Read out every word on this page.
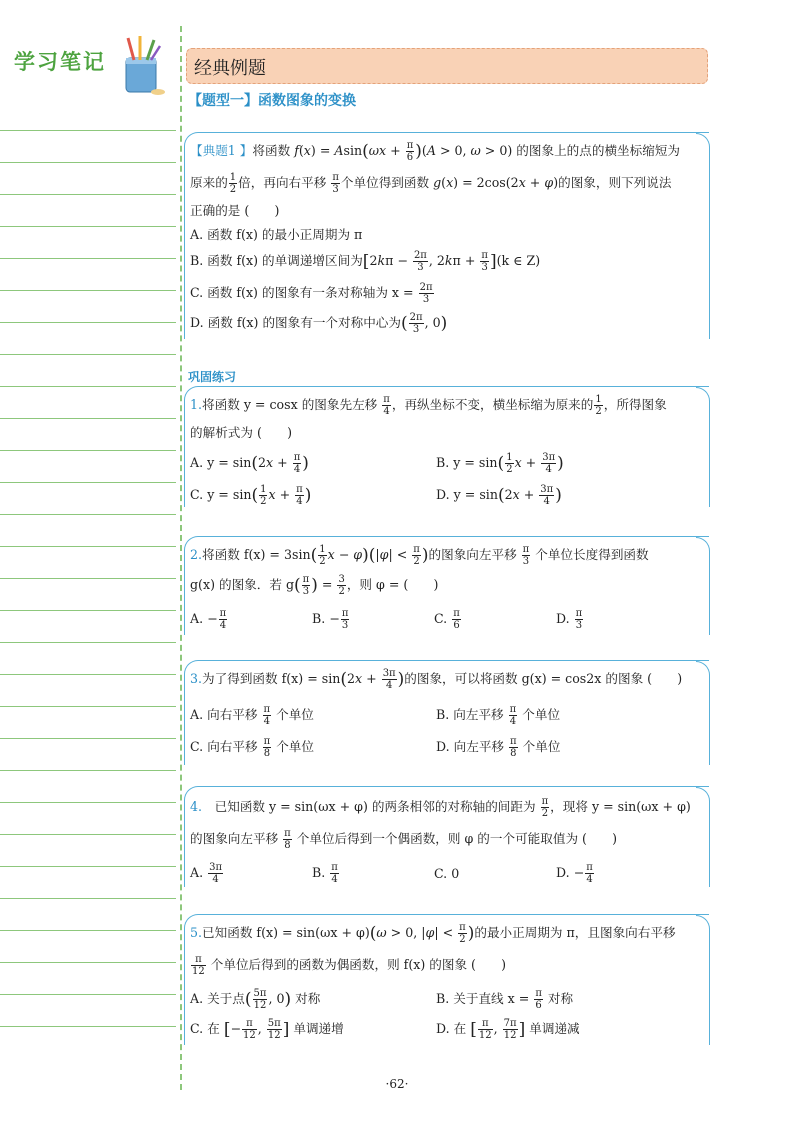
学习笔记	经典例题
【题型一】函数图象的变换
【典题1 】将函数 $f(x) = Asin(\omega x + \frac{\pi}{6} )(A > 0$, ω > 0) 的图象上的点的横坐标缩短为
原来的 $\frac{1}{2}$ 倍，再向右平移 $\frac{\pi}{3}$ 个单位得到函数 g(x) = 2cos(2x + φ)的图象，则下列说法
正确的是 (　　)
A. 函数 f(x) 的最小正周期为 π
B. 函数 f(x) 的单调递增区间为[$2k\pi - \frac{2\pi}{3}$ , $2k\pi + \frac{\pi}{3} ](k$ ∈ Z)
C. 函数 f(x) 的图象有一条对称轴为 $x = \frac{2\pi}{3}$
D. 函数 f(x) 的图象有一个对称中心为( $\frac{2\pi}{3}$ , 0)
巩固练习
1.将函数 y = cosx 的图象先左移 $\frac{\pi}{4}$ ，再纵坐标不变，横坐标缩为原来的 $\frac{1}{2}$ ，所得图象
的解析式为 (　　)
A. $y = \sin(2x + \frac{\pi}{4}$ )	B. $y = \sin( \frac{1}{2}$ $x + \frac{3\pi}{4}$ )
C. $y = \sin( \frac{1}{2}$ $x + \frac{\pi}{4}$ )	D. $y = \sin(2x + \frac{3\pi}{4}$ )
2.将函数 $f(x) = 3\sin( \frac{1}{2}$ $x - \varphi)(|\varphi| < \frac{\pi}{2}$ )的图象向左平移 $\frac{\pi}{3}$ 个单位长度得到函数
g(x) 的图象．若 $g( \frac{\pi}{3}$ ) = $\frac{3}{2}$ ，则 φ = (　　)
A. − $\frac{\pi}{4}$	B. − $\frac{\pi}{3}$	C. $\frac{\pi}{6}$	D. $\frac{\pi}{3}$
3.为了得到函数 $f(x) = \sin(2x + \frac{3\pi}{4}$ )的图象，可以将函数 g(x) = cos2x 的图象 (　　)
A. 向右平移 $\frac{\pi}{4}$ 个单位	B. 向左平移 $\frac{\pi}{4}$ 个单位
C. 向右平移 $\frac{\pi}{8}$ 个单位	D. 向左平移 $\frac{\pi}{8}$ 个单位
4.　 已知函数 y = sin(ωx + φ) 的两条相邻的对称轴的间距为 $\frac{\pi}{2}$ ，现将 y = sin(ωx + φ)
的图象向左平移 $\frac{\pi}{8}$ 个单位后得到一个偶函数，则 φ 的一个可能取值为 (　　)
A. $\frac{3\pi}{4}$	B. $\frac{\pi}{4}$	C. 0	D. − $\frac{\pi}{4}$
5.已知函数 f(x) = sin(ωx + φ)(ω > 0, $|\varphi| < \frac{\pi}{2}$ )的最小正周期为 π，且图象向右平移
$\frac{\pi}{12}$ 个单位后得到的函数为偶函数，则 f(x) 的图象 (　　)
A. 关于点( $\frac{5\pi}{12}$ , 0) 对称	B. 关于直线 $x = \frac{\pi}{6}$ 对称
C. 在 [− $\frac{\pi}{12}$ , $\frac{5\pi}{12}$ ] 单调递增	D. 在 [ $\frac{\pi}{12}$ , $\frac{7\pi}{12}$ ] 单调递减
·62·
